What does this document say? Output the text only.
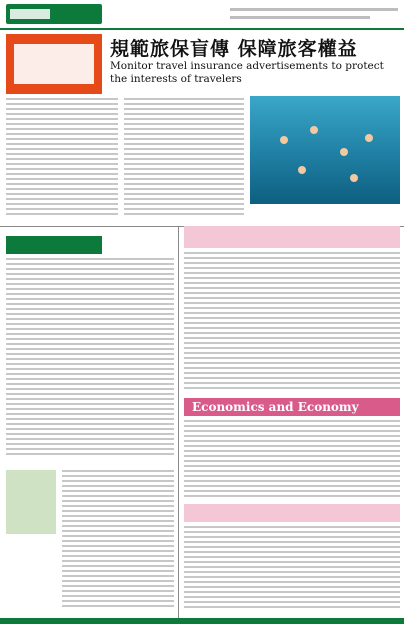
規範旅保盲傳 保障旅客權益
Monitor travel insurance advertisements to protect the interests of travelers
Economics and Economy
